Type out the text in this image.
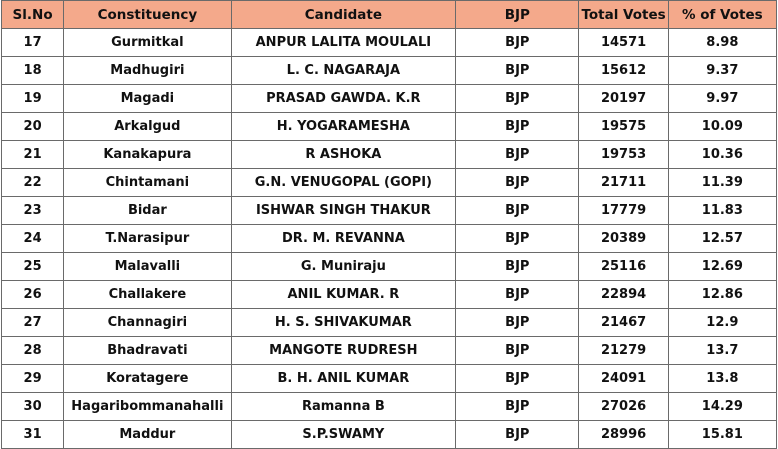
Sl.No	Constituency	Candidate	BJP	Total Votes	% of Votes
17	Gurmitkal	ANPUR LALITA MOULALI	BJP	14571	8.98
18	Madhugiri	L. C. NAGARAJA	BJP	15612	9.37
19	Magadi	PRASAD GAWDA. K.R	BJP	20197	9.97
20	Arkalgud	H. YOGARAMESHA	BJP	19575	10.09
21	Kanakapura	R ASHOKA	BJP	19753	10.36
22	Chintamani	G.N. VENUGOPAL (GOPI)	BJP	21711	11.39
23	Bidar	ISHWAR SINGH THAKUR	BJP	17779	11.83
24	T.Narasipur	DR. M. REVANNA	BJP	20389	12.57
25	Malavalli	G. Muniraju	BJP	25116	12.69
26	Challakere	ANIL KUMAR. R	BJP	22894	12.86
27	Channagiri	H. S. SHIVAKUMAR	BJP	21467	12.9
28	Bhadravati	MANGOTE RUDRESH	BJP	21279	13.7
29	Koratagere	B. H. ANIL KUMAR	BJP	24091	13.8
30	Hagaribommanahalli	Ramanna B	BJP	27026	14.29
31	Maddur	S.P.SWAMY	BJP	28996	15.81
